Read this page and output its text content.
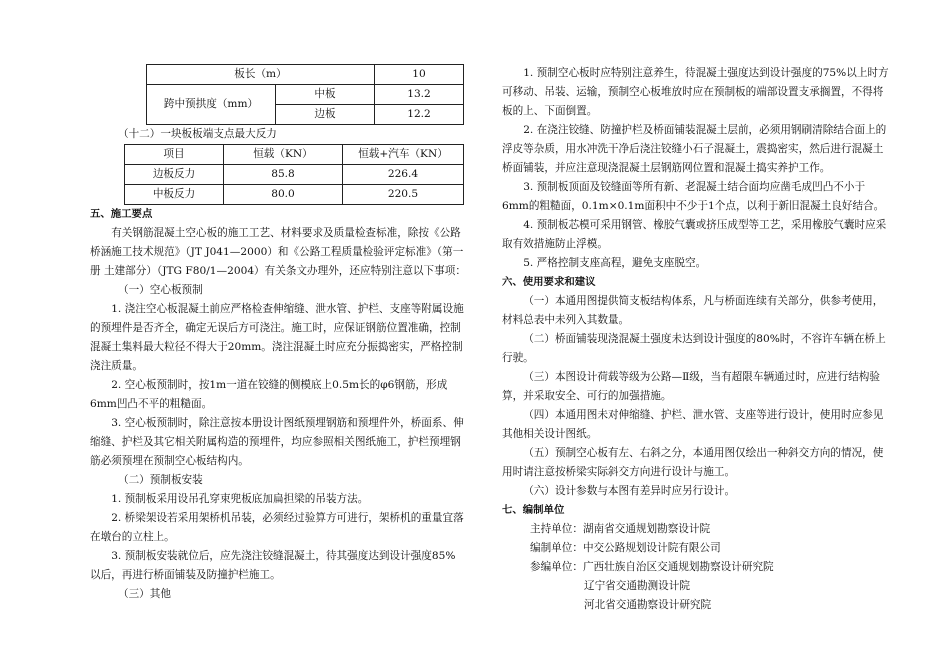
板长（m）		10
跨中预拱度（mm）	中板	13.2
	边板	12.2
（十二）一块板板端支点最大反力
项目	恒载（KN）	恒载+汽车（KN）
边板反力	85.8	226.4
中板反力	80.0	220.5

五、施工要点

有关钢筋混凝土空心板的施工工艺、材料要求及质量检查标准，除按《公路桥涵施工技术规范》（JT J041—2000）和《公路工程质量检验评定标准》（第一册 土建部分）（JTG F80/1—2004）有关条文办理外，还应特别注意以下事项：

（一）空心板预制

1. 浇注空心板混凝土前应严格检查伸缩缝、泄水管、护栏、支座等附属设施的预埋件是否齐全，确定无误后方可浇注。施工时，应保证钢筋位置准确，控制混凝土集料最大粒径不得大于20mm。浇注混凝土时应充分振捣密实，严格控制浇注质量。

2. 空心板预制时，按1m一道在铰缝的侧模底上0.5m长的φ6钢筋，形成6mm凹凸不平的粗糙面。

3. 空心板预制时，除注意按本册设计图纸预埋钢筋和预埋件外，桥面系、伸缩缝、护栏及其它相关附属构造的预埋件，均应参照相关图纸施工，护栏预埋钢筋必须预埋在预制空心板结构内。

（二）预制板安装

1. 预制板采用设吊孔穿束兜板底加扁担梁的吊装方法。

2. 桥梁架设若采用架桥机吊装，必须经过验算方可进行，架桥机的重量宜落在墩台的立柱上。

3. 预制板安装就位后，应先浇注铰缝混凝土，待其强度达到设计强度85%以后，再进行桥面铺装及防撞护栏施工。

（三）其他

1. 预制空心板时应特别注意养生，待混凝土强度达到设计强度的75%以上时方可移动、吊装、运输，预制空心板堆放时应在预制板的端部设置支承搁置，不得将板的上、下面倒置。

2. 在浇注铰缝、防撞护栏及桥面铺装混凝土层前，必须用钢刷清除结合面上的浮皮等杂质，用水冲洗干净后浇注铰缝小石子混凝土，震捣密实，然后进行混凝土桥面铺装，并应注意现浇混凝土层钢筋网位置和混凝土捣实养护工作。

3. 预制板顶面及铰缝面等所有新、老混凝土结合面均应凿毛成凹凸不小于6mm的粗糙面，0.1m×0.1m面积中不少于1个点，以利于新旧混凝土良好结合。

4. 预制板芯模可采用钢管、橡胶气囊或挤压成型等工艺，采用橡胶气囊时应采取有效措施防止浮模。

5. 严格控制支座高程，避免支座脱空。

六、使用要求和建议

（一）本通用图提供简支板结构体系，凡与桥面连续有关部分，供参考使用，材料总表中未列入其数量。

（二）桥面铺装现浇混凝土强度未达到设计强度的80%时，不容许车辆在桥上行驶。

（三）本图设计荷载等级为公路—Ⅱ级，当有超限车辆通过时，应进行结构验算，并采取安全、可行的加强措施。

（四）本通用图未对伸缩缝、护栏、泄水管、支座等进行设计，使用时应参见其他相关设计图纸。

（五）预制空心板有左、右斜之分，本通用图仅绘出一种斜交方向的情况，使用时请注意按桥梁实际斜交方向进行设计与施工。

（六）设计参数与本图有差异时应另行设计。

七、编制单位

主持单位：湖南省交通规划勘察设计院

编制单位：中交公路规划设计院有限公司

参编单位：广西壮族自治区交通规划勘察设计研究院

辽宁省交通勘测设计院

河北省交通勘察设计研究院
